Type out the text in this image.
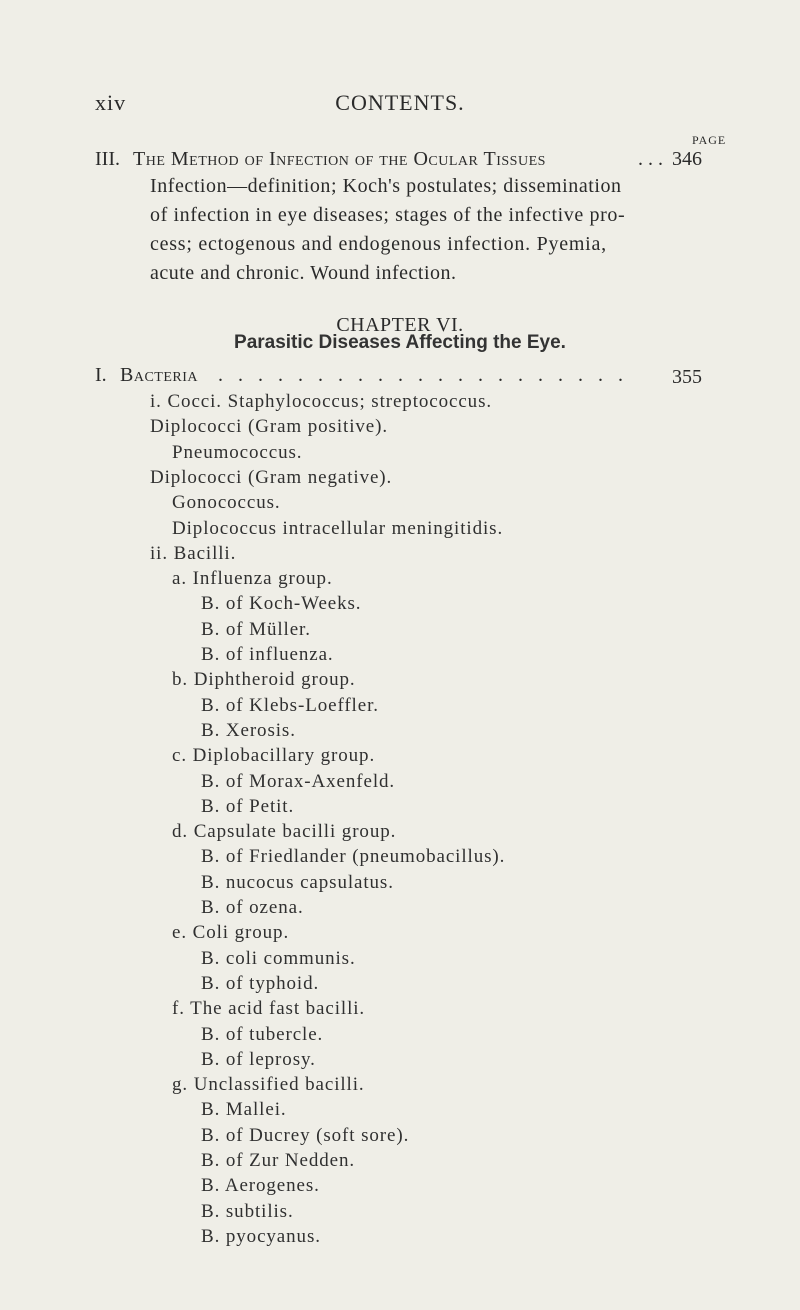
xiv	CONTENTS.
PAGE
III. The Method of Infection of the Ocular Tissues	. . . 346
Infection—definition; Koch's postulates; dissemination
of infection in eye diseases; stages of the infective pro-
cess; ectogenous and endogenous infection. Pyemia,
acute and chronic. Wound infection.
CHAPTER VI.
Parasitic Diseases Affecting the Eye.
I. Bacteria . . . . . . . . . . . . . . . . . . . . . 355
i. Cocci. Staphylococcus; streptococcus.
Diplococci (Gram positive).
Pneumococcus.
Diplococci (Gram negative).
Gonococcus.
Diplococcus intracellular meningitidis.
ii. Bacilli.
a. Influenza group.
B. of Koch-Weeks.
B. of Müller.
B. of influenza.
b. Diphtheroid group.
B. of Klebs-Loeffler.
B. Xerosis.
c. Diplobacillary group.
B. of Morax-Axenfeld.
B. of Petit.
d. Capsulate bacilli group.
B. of Friedlander (pneumobacillus).
B. nucocus capsulatus.
B. of ozena.
e. Coli group.
B. coli communis.
B. of typhoid.
f. The acid fast bacilli.
B. of tubercle.
B. of leprosy.
g. Unclassified bacilli.
B. Mallei.
B. of Ducrey (soft sore).
B. of Zur Nedden.
B. Aerogenes.
B. subtilis.
B. pyocyanus.
